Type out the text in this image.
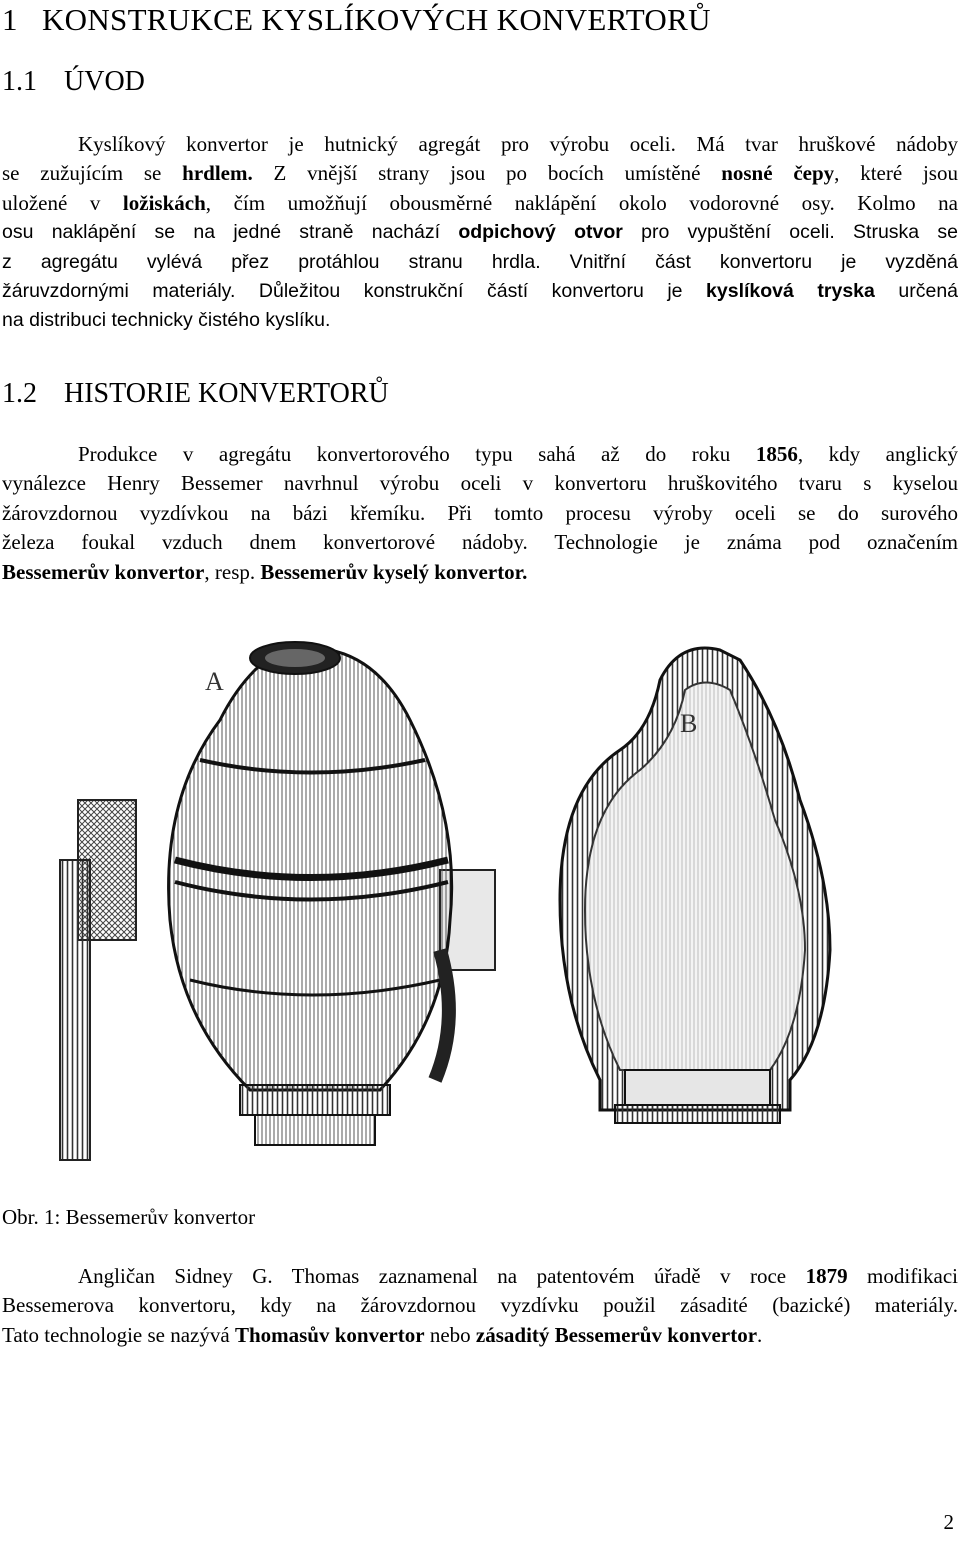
1 KONSTRUKCE KYSLÍKOVÝCH KONVERTORŮ
1.1 ÚVOD
Kyslíkový konvertor je hutnický agregát pro výrobu oceli. Má tvar hruškové nádoby
se zužujícím se hrdlem. Z vnější strany jsou po bocích umístěné nosné čepy, které jsou
uložené v ložiskách, čím umožňují obousměrné naklápění okolo vodorovné osy. Kolmo na
osu naklápění se na jedné straně nachází odpichový otvor pro vypuštění oceli. Struska se
z agregátu vylévá přez protáhlou stranu hrdla. Vnitřní část konvertoru je vyzděná
žáruvzdornými materiály. Důležitou konstrukční částí konvertoru je kyslíková tryska určená
na distribuci technicky čistého kyslíku.
1.2 HISTORIE KONVERTORŮ
Produkce v agregátu konvertorového typu sahá až do roku 1856, kdy anglický
vynálezce Henry Bessemer navrhnul výrobu oceli v konvertoru hruškovitého tvaru s kyselou
žárovzdornou vyzdívkou na bázi křemíku. Při tomto procesu výroby oceli se do surového
železa foukal vzduch dnem konvertorové nádoby. Technologie je známa pod označením
Bessemerův konvertor, resp. Bessemerův kyselý konvertor.
A
B
Obr. 1: Bessemerův konvertor
Angličan Sidney G. Thomas zaznamenal na patentovém úřadě v roce 1879 modifikaci
Bessemerova konvertoru, kdy na žárovzdornou vyzdívku použil zásadité (bazické) materiály.
Tato technologie se nazývá Thomasův konvertor nebo zásaditý Bessemerův konvertor.
2
